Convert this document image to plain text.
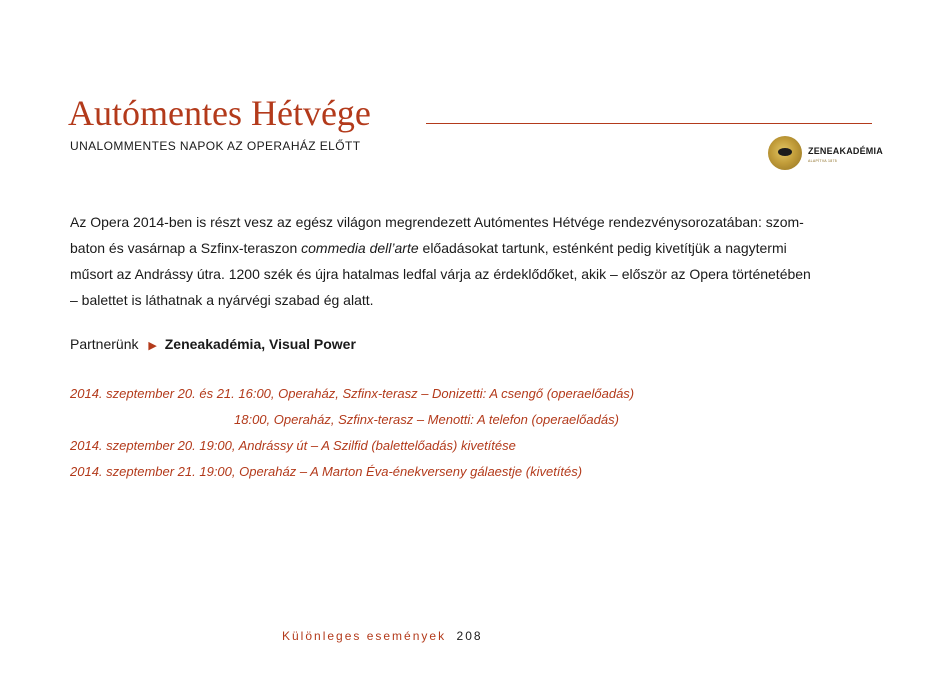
Autómentes Hétvége
UNALOMMENTES NAPOK AZ OPERAHÁZ ELŐTT	ZENEAKADÉMIA
ALAPÍTVA 1875

Az Opera 2014-ben is részt vesz az egész világon megrendezett Autómentes Hétvége rendezvénysorozatában: szom-

baton és vasárnap a Szfinx-teraszon commedia dell’arte előadásokat tartunk, esténként pedig kivetítjük a nagytermi

műsort az Andrássy útra. 1200 szék és újra hatalmas ledfal várja az érdeklődőket, akik – először az Opera történetében

– balettet is láthatnak a nyárvégi szabad ég alatt.

Partnerünk ▶ Zeneakadémia, Visual Power
2014. szeptember 20. és 21. 16:00, Operaház, Szfinx-terasz – Donizetti: A csengő (operaelőadás)
18:00, Operaház, Szfinx-terasz – Menotti: A telefon (operaelőadás)
2014. szeptember 20. 19:00, Andrássy út – A Szilfid (balettelőadás) kivetítése
2014. szeptember 21. 19:00, Operaház – A Marton Éva-énekverseny gálaestje (kivetítés)
Különleges események 208
